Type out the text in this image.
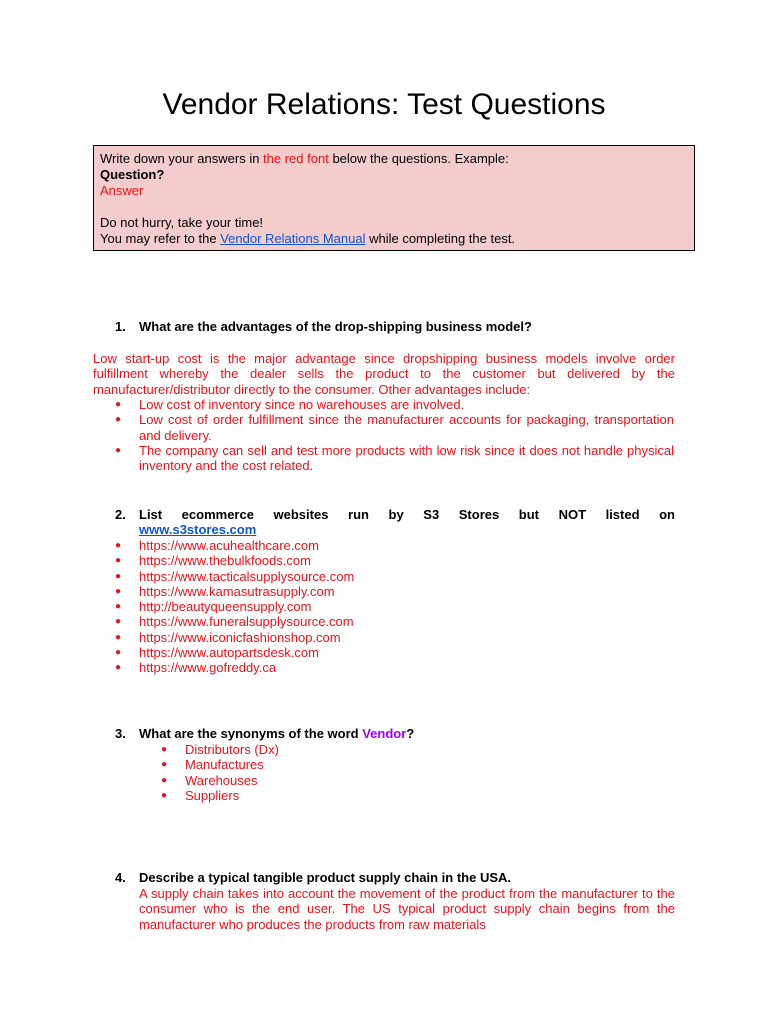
Vendor Relations: Test Questions
Write down your answers in the red font below the questions. Example:
Question?
Answer
Do not hurry, take your time!
You may refer to the Vendor Relations Manual while completing the test.
1. What are the advantages of the drop-shipping business model?
Low start-up cost is the major advantage since dropshipping business models involve order fulfillment whereby the dealer sells the product to the customer but delivered by the manufacturer/distributor directly to the consumer. Other advantages include:
● Low cost of inventory since no warehouses are involved.
● Low cost of order fulfillment since the manufacturer accounts for packaging, transportation and delivery.
● The company can sell and test more products with low risk since it does not handle physical inventory and the cost related.
2. List ecommerce websites run by S3 Stores but NOT listed on
www.s3stores.com
● https://www.acuhealthcare.com
● https://www.thebulkfoods.com
● https://www.tacticalsupplysource.com
● https://www.kamasutrasupply.com
● http://beautyqueensupply.com
● https://www.funeralsupplysource.com
● https://www.iconicfashionshop.com
● https://www.autopartsdesk.com
● https://www.gofreddy.ca
3. What are the synonyms of the word Vendor?
● Distributors (Dx)
● Manufactures
● Warehouses
● Suppliers
4. Describe a typical tangible product supply chain in the USA.
A supply chain takes into account the movement of the product from the manufacturer to the consumer who is the end user. The US typical product supply chain begins from the manufacturer who produces the products from raw materials
